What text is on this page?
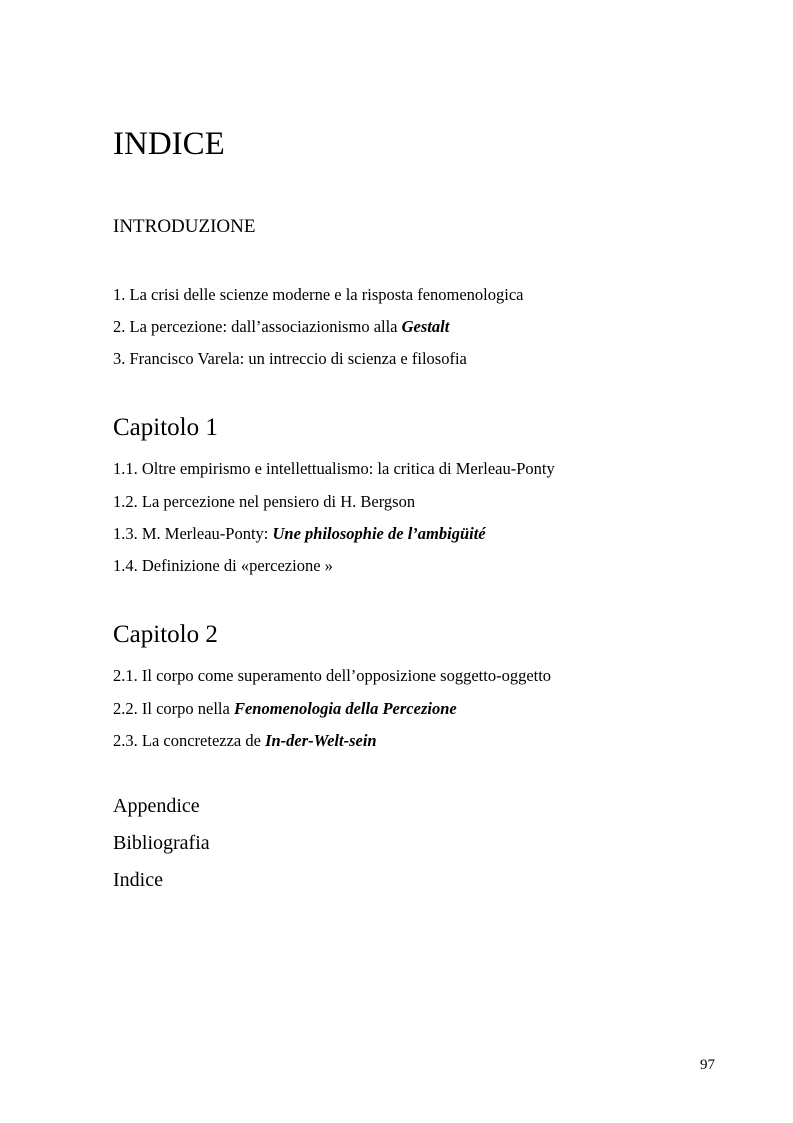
INDICE
INTRODUZIONE
1. La crisi delle scienze moderne e la risposta fenomenologica
2. La percezione: dall’associazionismo alla Gestalt
3. Francisco Varela: un intreccio di scienza e filosofia
Capitolo 1
1.1. Oltre empirismo e intellettualismo: la critica di Merleau-Ponty
1.2. La percezione nel pensiero di H. Bergson
1.3. M. Merleau-Ponty: Une philosophie de l’ambigüité
1.4. Definizione di «percezione »
Capitolo 2
2.1. Il corpo come superamento dell’opposizione soggetto-oggetto
2.2. Il corpo nella Fenomenologia della Percezione
2.3. La concretezza de In-der-Welt-sein
Appendice
Bibliografia
Indice
97
